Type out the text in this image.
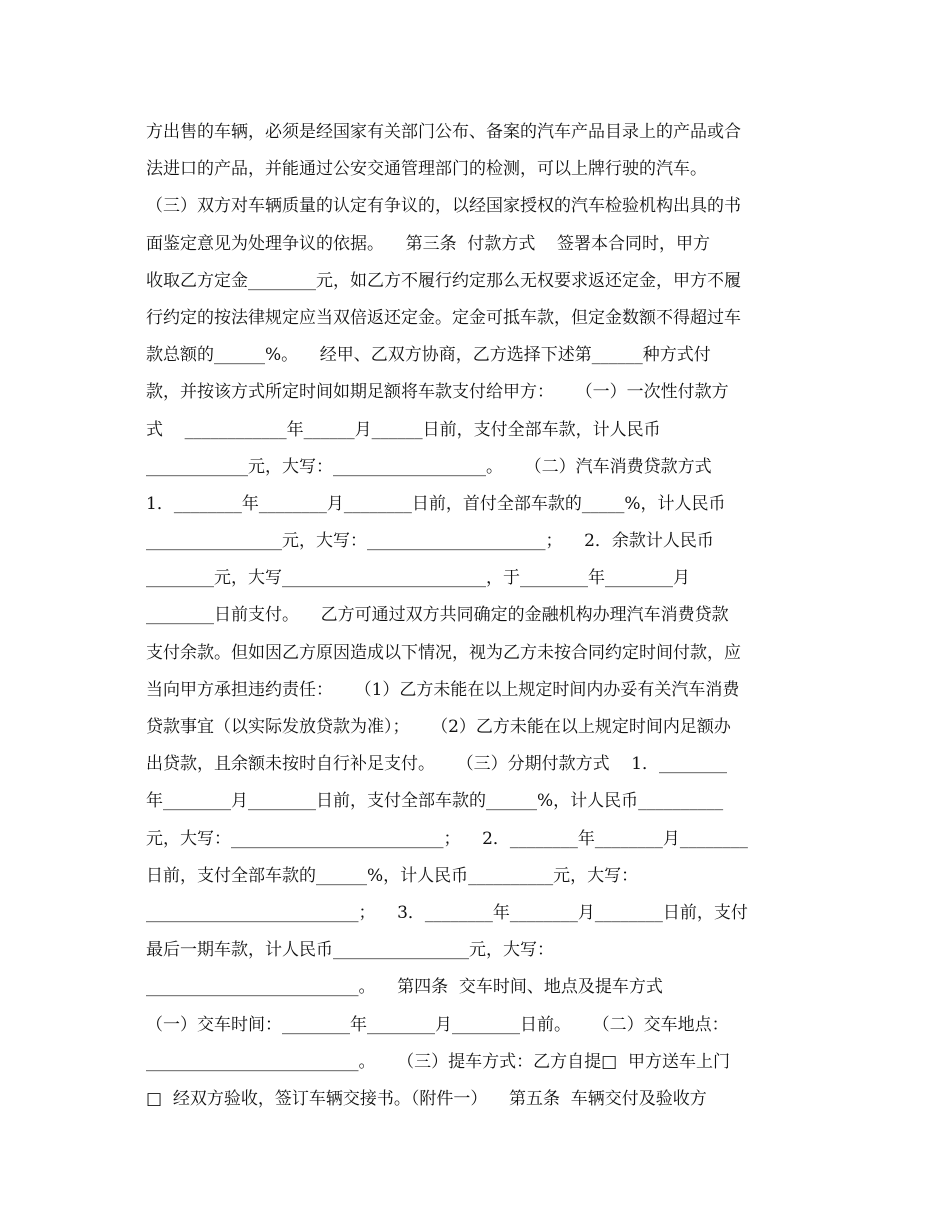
方出售的车辆，必须是经国家有关部门公布、备案的汽车产品目录上的产品或合
法进口的产品，并能通过公安交通管理部门的检测，可以上牌行驶的汽车。
（三）双方对车辆质量的认定有争议的，以经国家授权的汽车检验机构出具的书
面鉴定意见为处理争议的依据。    第三条  付款方式    签署本合同时，甲方
收取乙方定金________元，如乙方不履行约定那么无权要求返还定金，甲方不履
行约定的按法律规定应当双倍返还定金。定金可抵车款，但定金数额不得超过车
款总额的______%。    经甲、乙双方协商，乙方选择下述第______种方式付
款，并按该方式所定时间如期足额将车款支付给甲方：    （一）一次性付款方
式    ____________年______月______日前，支付全部车款，计人民币
____________元，大写：__________________。    （二）汽车消费贷款方式
1．________年________月________日前，首付全部车款的_____%，计人民币
________________元，大写：_____________________；    2．余款计人民币
________元，大写________________________，于________年________月
________日前支付。    乙方可通过双方共同确定的金融机构办理汽车消费贷款
支付余款。但如因乙方原因造成以下情况，视为乙方未按合同约定时间付款，应
当向甲方承担违约责任：    （1）乙方未能在以上规定时间内办妥有关汽车消费
贷款事宜（以实际发放贷款为准）；    （2）乙方未能在以上规定时间内足额办
出贷款，且余额未按时自行补足支付。    （三）分期付款方式    1．________
年________月________日前，支付全部车款的______%，计人民币__________
元，大写：_________________________；    2．________年________月________
日前，支付全部车款的______%，计人民币__________元，大写：
_________________________；    3．________年________月________日前，支付
最后一期车款，计人民币________________元，大写：
_________________________。    第四条  交车时间、地点及提车方式
（一）交车时间：________年________月________日前。    （二）交车地点：
_________________________。    （三）提车方式：乙方自提□  甲方送车上门
□  经双方验收，签订车辆交接书。（附件一）    第五条  车辆交付及验收方
